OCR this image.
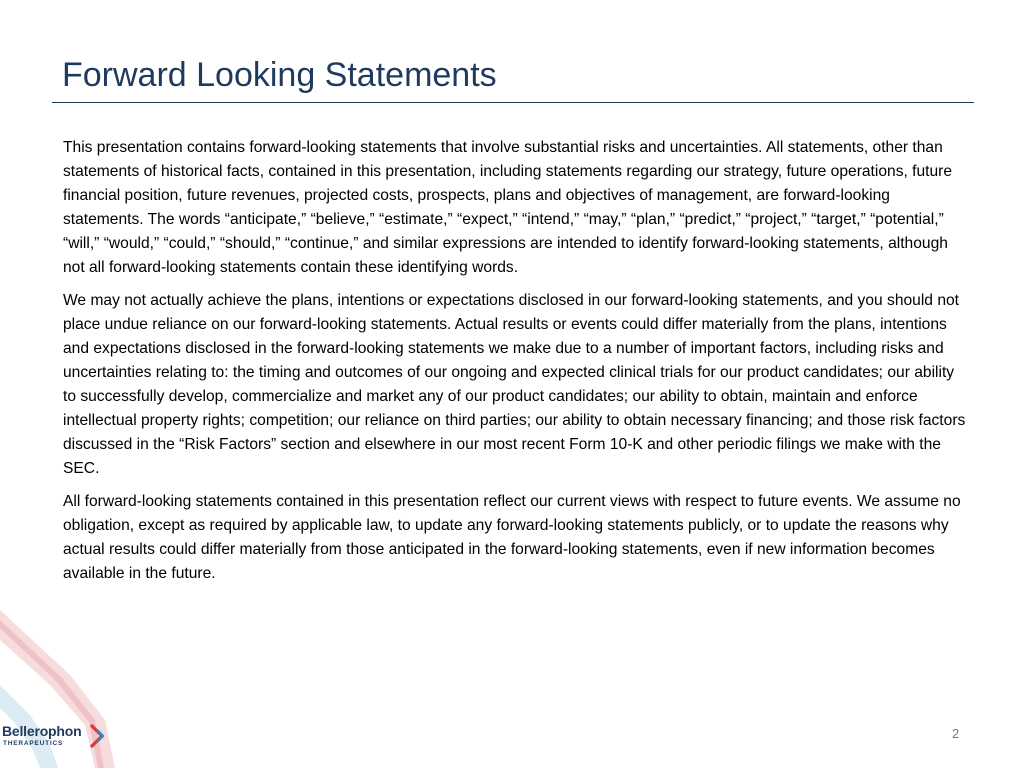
Forward Looking Statements

This presentation contains forward-looking statements that involve substantial risks and uncertainties. All statements, other than statements of historical facts, contained in this presentation, including statements regarding our strategy, future operations, future financial position, future revenues, projected costs, prospects, plans and objectives of management, are forward-looking statements. The words “anticipate,” “believe,” “estimate,” “expect,” “intend,” “may,” “plan,” “predict,” “project,” “target,” “potential,” “will,” “would,” “could,” “should,” “continue,” and similar expressions are intended to identify forward-looking statements, although not all forward-looking statements contain these identifying words.

We may not actually achieve the plans, intentions or expectations disclosed in our forward-looking statements, and you should not place undue reliance on our forward-looking statements. Actual results or events could differ materially from the plans, intentions and expectations disclosed in the forward-looking statements we make due to a number of important factors, including risks and uncertainties relating to: the timing and outcomes of our ongoing and expected clinical trials for our product candidates; our ability to successfully develop, commercialize and market any of our product candidates; our ability to obtain, maintain and enforce intellectual property rights; competition; our reliance on third parties; our ability to obtain necessary financing; and those risk factors discussed in the “Risk Factors” section and elsewhere in our most recent Form 10-K and other periodic filings we make with the SEC.

All forward-looking statements contained in this presentation reflect our current views with respect to future events. We assume no obligation, except as required by applicable law, to update any forward-looking statements publicly, or to update the reasons why actual results could differ materially from those anticipated in the forward-looking statements, even if new information becomes available in the future.

Bellerophon
THERAPEUTICS
2
